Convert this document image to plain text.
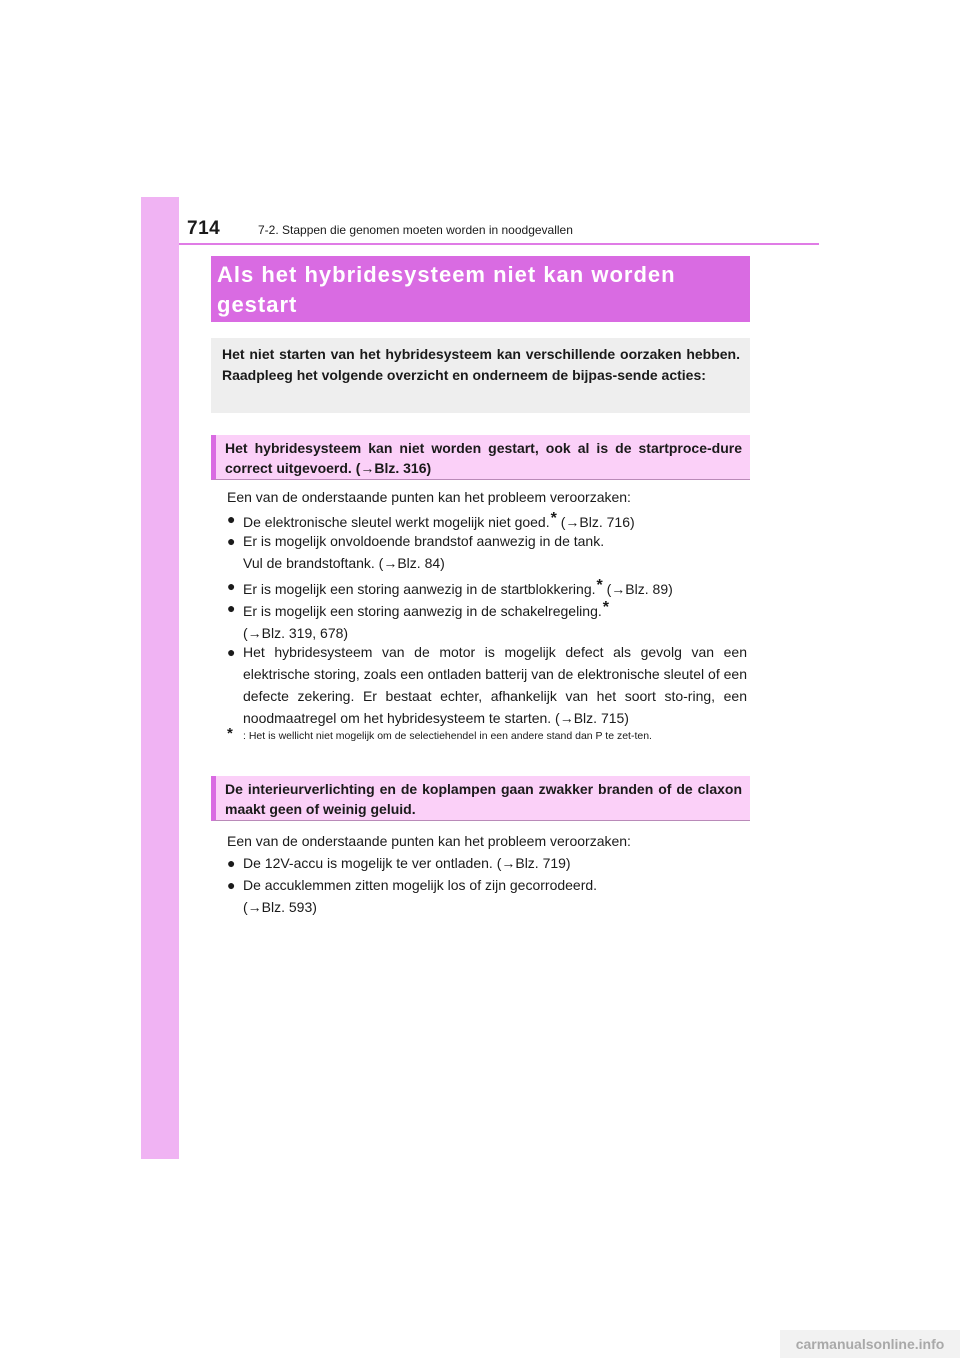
714	7-2. Stappen die genomen moeten worden in noodgevallen
Als het hybridesysteem niet kan worden gestart
Het niet starten van het hybridesysteem kan verschillende oorzaken hebben. Raadpleeg het volgende overzicht en onderneem de bijpas-sende acties:
Het hybridesysteem kan niet worden gestart, ook al is de startproce-dure correct uitgevoerd. (→Blz. 316)
Een van de onderstaande punten kan het probleem veroorzaken:
● De elektronische sleutel werkt mogelijk niet goed.* (→Blz. 716)
● Er is mogelijk onvoldoende brandstof aanwezig in de tank.
Vul de brandstoftank. (→Blz. 84)
● Er is mogelijk een storing aanwezig in de startblokkering.* (→Blz. 89)
● Er is mogelijk een storing aanwezig in de schakelregeling.*
(→Blz. 319, 678)
● Het hybridesysteem van de motor is mogelijk defect als gevolg van een elektrische storing, zoals een ontladen batterij van de elektronische sleutel of een defecte zekering. Er bestaat echter, afhankelijk van het soort sto-ring, een noodmaatregel om het hybridesysteem te starten. (→Blz. 715)
* : Het is wellicht niet mogelijk om de selectiehendel in een andere stand dan P te zet-ten.
De interieurverlichting en de koplampen gaan zwakker branden of de claxon maakt geen of weinig geluid.
Een van de onderstaande punten kan het probleem veroorzaken:
● De 12V-accu is mogelijk te ver ontladen. (→Blz. 719)
● De accuklemmen zitten mogelijk los of zijn gecorrodeerd.
(→Blz. 593)
carmanualsonline.info
